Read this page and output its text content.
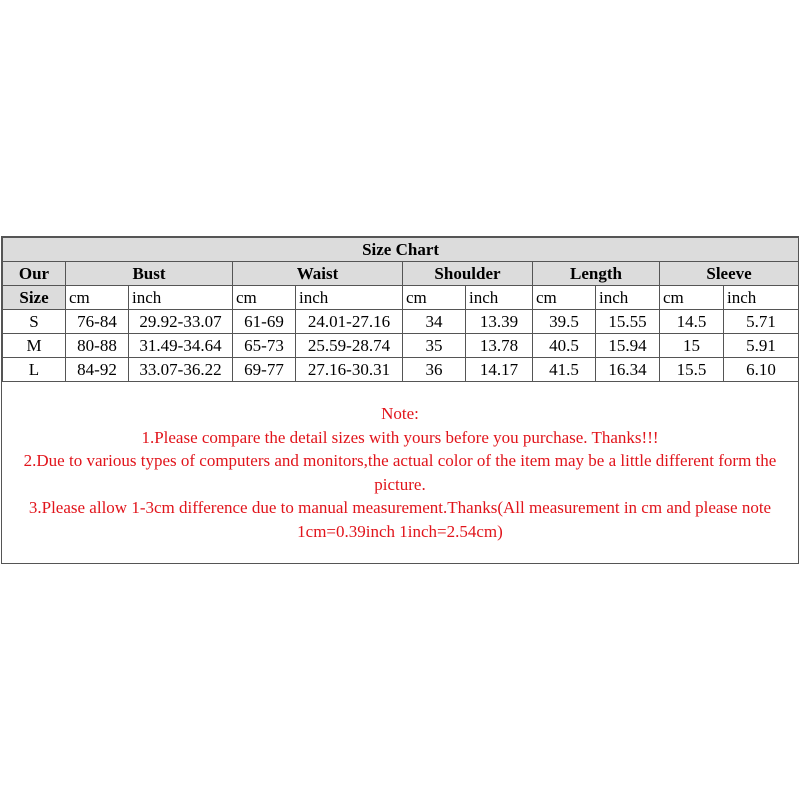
Size Chart										
Our	Bust		Waist		Shoulder		Length		Sleeve	
Size	cm	inch	cm	inch	cm	inch	cm	inch	cm	inch
S	76-84	29.92-33.07	61-69	24.01-27.16	34	13.39	39.5	15.55	14.5	5.71
M	80-88	31.49-34.64	65-73	25.59-28.74	35	13.78	40.5	15.94	15	5.91
L	84-92	33.07-36.22	69-77	27.16-30.31	36	14.17	41.5	16.34	15.5	6.10

Note:

1.Please compare the detail sizes with yours before you purchase. Thanks!!!

2.Due to various types of computers and monitors,the actual color of the item may be a little different form the picture.

3.Please allow 1-3cm difference due to manual measurement.Thanks(All measurement in cm and please note 1cm=0.39inch 1inch=2.54cm)
